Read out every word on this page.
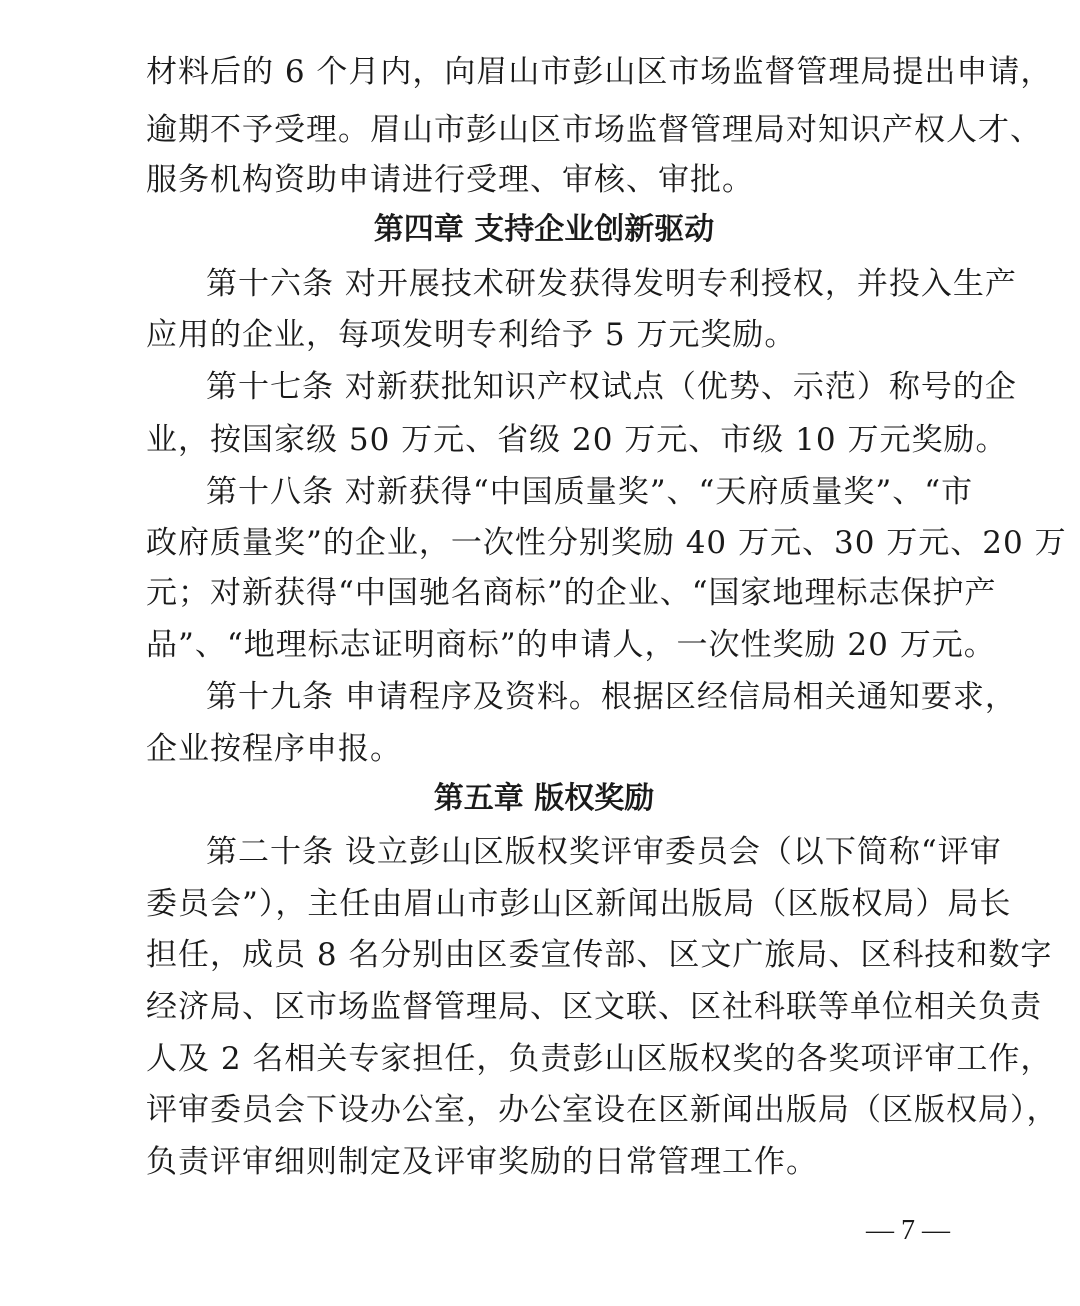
材料后的 6 个月内，向眉山市彭山区市场监督管理局提出申请，
逾期不予受理。眉山市彭山区市场监督管理局对知识产权人才、
服务机构资助申请进行受理、审核、审批。
第四章 支持企业创新驱动
第十六条 对开展技术研发获得发明专利授权，并投入生产
应用的企业，每项发明专利给予 5 万元奖励。
第十七条 对新获批知识产权试点（优势、示范）称号的企
业，按国家级 50 万元、省级 20 万元、市级 10 万元奖励。
第十八条 对新获得“中国质量奖”、“天府质量奖”、“市
政府质量奖”的企业，一次性分别奖励 40 万元、30 万元、20 万
元；对新获得“中国驰名商标”的企业、“国家地理标志保护产
品”、“地理标志证明商标”的申请人，一次性奖励 20 万元。
第十九条 申请程序及资料。根据区经信局相关通知要求，
企业按程序申报。
第五章 版权奖励
第二十条 设立彭山区版权奖评审委员会（以下简称“评审
委员会”），主任由眉山市彭山区新闻出版局（区版权局）局长
担任，成员 8 名分别由区委宣传部、区文广旅局、区科技和数字
经济局、区市场监督管理局、区文联、区社科联等单位相关负责
人及 2 名相关专家担任，负责彭山区版权奖的各奖项评审工作，
评审委员会下设办公室，办公室设在区新闻出版局（区版权局），
负责评审细则制定及评审奖励的日常管理工作。
— 7 —
